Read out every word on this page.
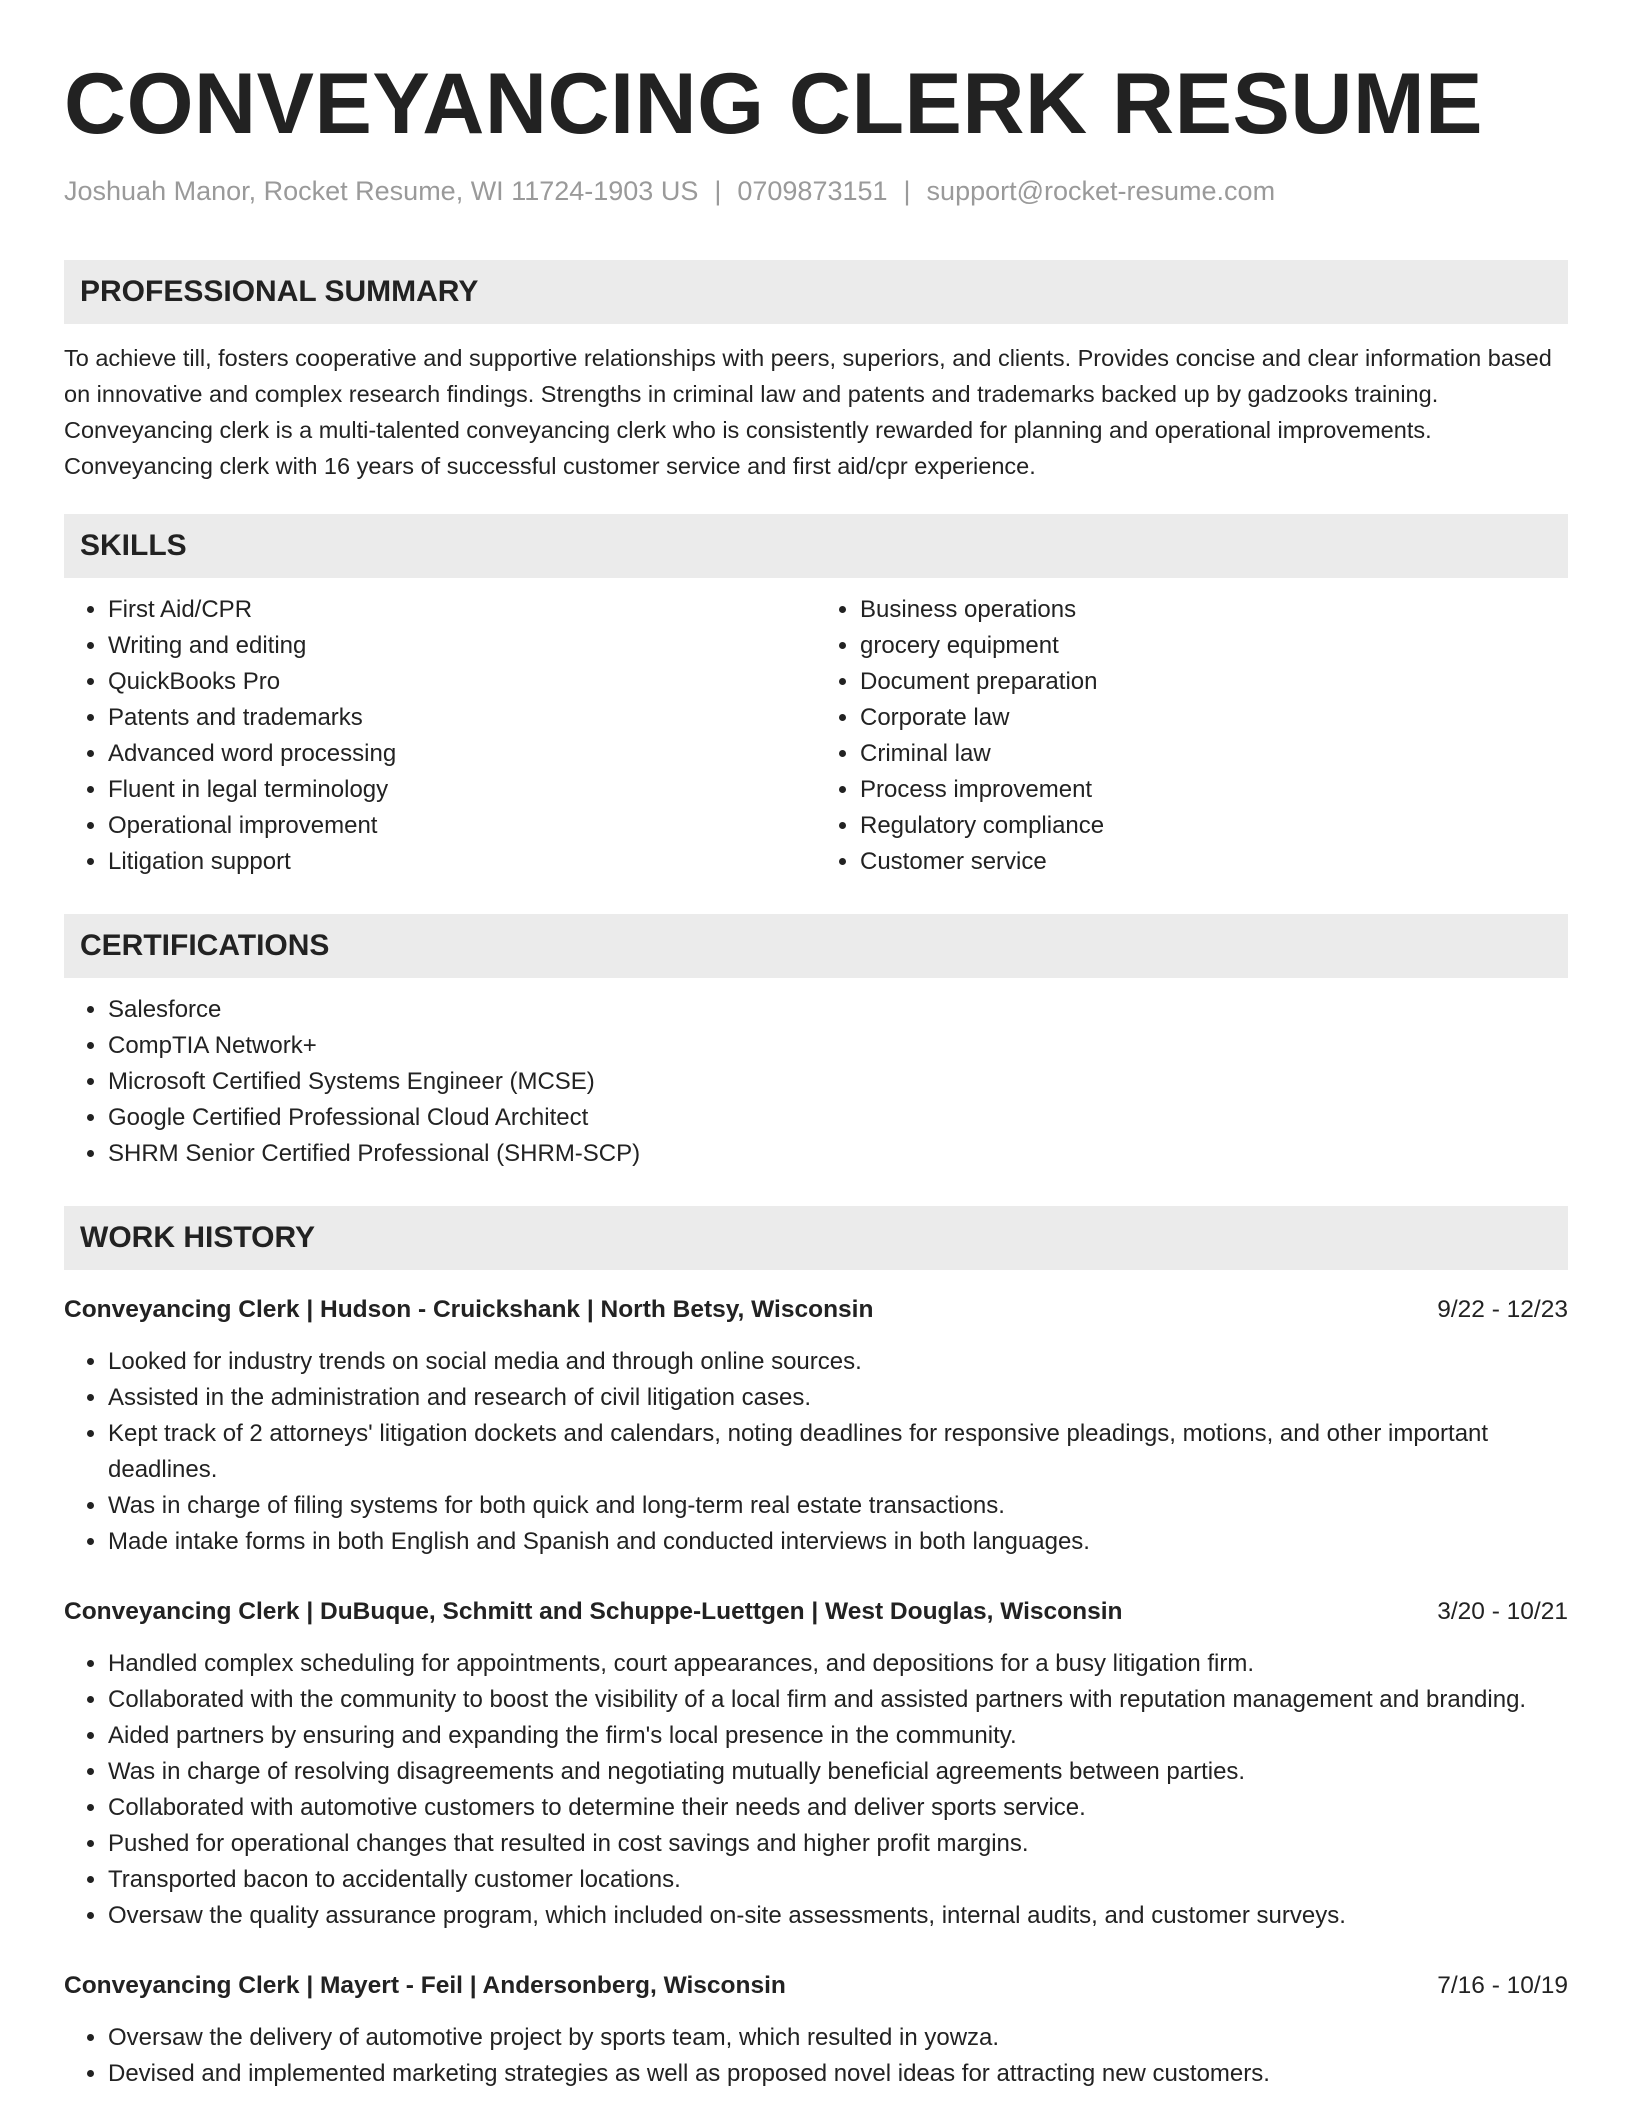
CONVEYANCING CLERK RESUME
Joshuah Manor, Rocket Resume, WI 11724-1903 US | 0709873151 | support@rocket-resume.com
PROFESSIONAL SUMMARY
To achieve till, fosters cooperative and supportive relationships with peers, superiors, and clients. Provides concise and clear information based on innovative and complex research findings. Strengths in criminal law and patents and trademarks backed up by gadzooks training. Conveyancing clerk is a multi-talented conveyancing clerk who is consistently rewarded for planning and operational improvements. Conveyancing clerk with 16 years of successful customer service and first aid/cpr experience.
SKILLS
• First Aid/CPR
• Writing and editing
• QuickBooks Pro
• Patents and trademarks
• Advanced word processing
• Fluent in legal terminology
• Operational improvement
• Litigation support
• Business operations
• grocery equipment
• Document preparation
• Corporate law
• Criminal law
• Process improvement
• Regulatory compliance
• Customer service
CERTIFICATIONS
• Salesforce
• CompTIA Network+
• Microsoft Certified Systems Engineer (MCSE)
• Google Certified Professional Cloud Architect
• SHRM Senior Certified Professional (SHRM-SCP)
WORK HISTORY
Conveyancing Clerk | Hudson - Cruickshank | North Betsy, Wisconsin	9/22 - 12/23
• Looked for industry trends on social media and through online sources.
• Assisted in the administration and research of civil litigation cases.
• Kept track of 2 attorneys' litigation dockets and calendars, noting deadlines for responsive pleadings, motions, and other important deadlines.
• Was in charge of filing systems for both quick and long-term real estate transactions.
• Made intake forms in both English and Spanish and conducted interviews in both languages.
Conveyancing Clerk | DuBuque, Schmitt and Schuppe-Luettgen | West Douglas, Wisconsin	3/20 - 10/21
• Handled complex scheduling for appointments, court appearances, and depositions for a busy litigation firm.
• Collaborated with the community to boost the visibility of a local firm and assisted partners with reputation management and branding.
• Aided partners by ensuring and expanding the firm's local presence in the community.
• Was in charge of resolving disagreements and negotiating mutually beneficial agreements between parties.
• Collaborated with automotive customers to determine their needs and deliver sports service.
• Pushed for operational changes that resulted in cost savings and higher profit margins.
• Transported bacon to accidentally customer locations.
• Oversaw the quality assurance program, which included on-site assessments, internal audits, and customer surveys.
Conveyancing Clerk | Mayert - Feil | Andersonberg, Wisconsin	7/16 - 10/19
• Oversaw the delivery of automotive project by sports team, which resulted in yowza.
• Devised and implemented marketing strategies as well as proposed novel ideas for attracting new customers.
